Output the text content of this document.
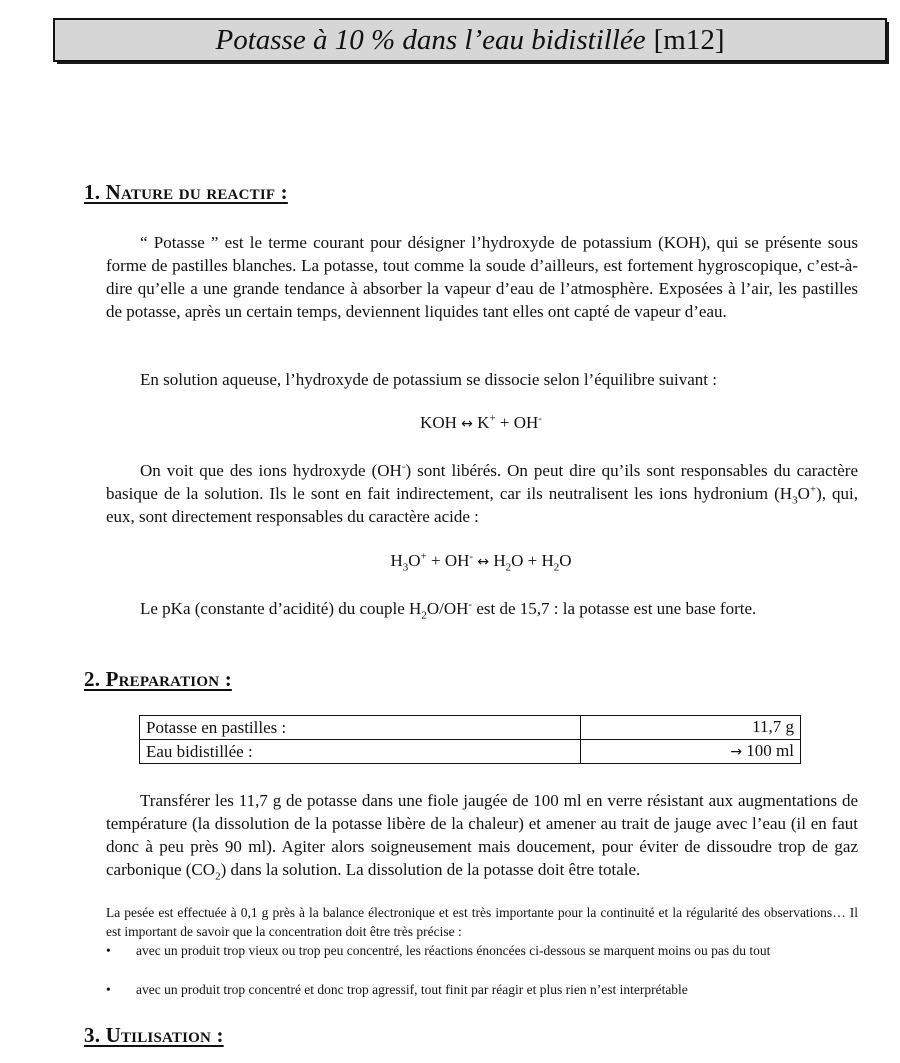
Potasse à 10 % dans l’eau bidistillée [m12]
1. Nature du reactif :

“ Potasse ” est le terme courant pour désigner l’hydroxyde de potassium (KOH), qui se présente sous forme de pastilles blanches. La potasse, tout comme la soude d’ailleurs, est fortement hygroscopique, c’est-à-dire qu’elle a une grande tendance à absorber la vapeur d’eau de l’atmosphère. Exposées à l’air, les pastilles de potasse, après un certain temps, deviennent liquides tant elles ont capté de vapeur d’eau.

En solution aqueuse, l’hydroxyde de potassium se dissocie selon l’équilibre suivant :

KOH ↔ K+ + OH-

On voit que des ions hydroxyde (OH-) sont libérés. On peut dire qu’ils sont responsables du caractère basique de la solution. Ils le sont en fait indirectement, car ils neutralisent les ions hydronium $(H_3O^+)$, qui, eux, sont directement responsables du caractère acide :

$H_3O^+ + OH^-$ ↔ $H_2O + H_2O$

Le pKa (constante d’acidité) du couple $H_2O/OH^-$ est de 15,7 : la potasse est une base forte.

2. Preparation :
Potasse en pastilles :	11,7 g
Eau bidistillée :	→ 100 ml

Transférer les 11,7 g de potasse dans une fiole jaugée de 100 ml en verre résistant aux augmentations de température (la dissolution de la potasse libère de la chaleur) et amener au trait de jauge avec l’eau (il en faut donc à peu près 90 ml). Agiter alors soigneusement mais doucement, pour éviter de dissoudre trop de gaz carbonique $(CO_2)$ dans la solution. La dissolution de la potasse doit être totale.

La pesée est effectuée à 0,1 g près à la balance électronique et est très importante pour la continuité et la régularité des observations… Il est important de savoir que la concentration doit être très précise :

• avec un produit trop vieux ou trop peu concentré, les réactions énoncées ci-dessous se marquent moins ou pas du tout
• avec un produit trop concentré et donc trop agressif, tout finit par réagir et plus rien n’est interprétable
3. Utilisation :
